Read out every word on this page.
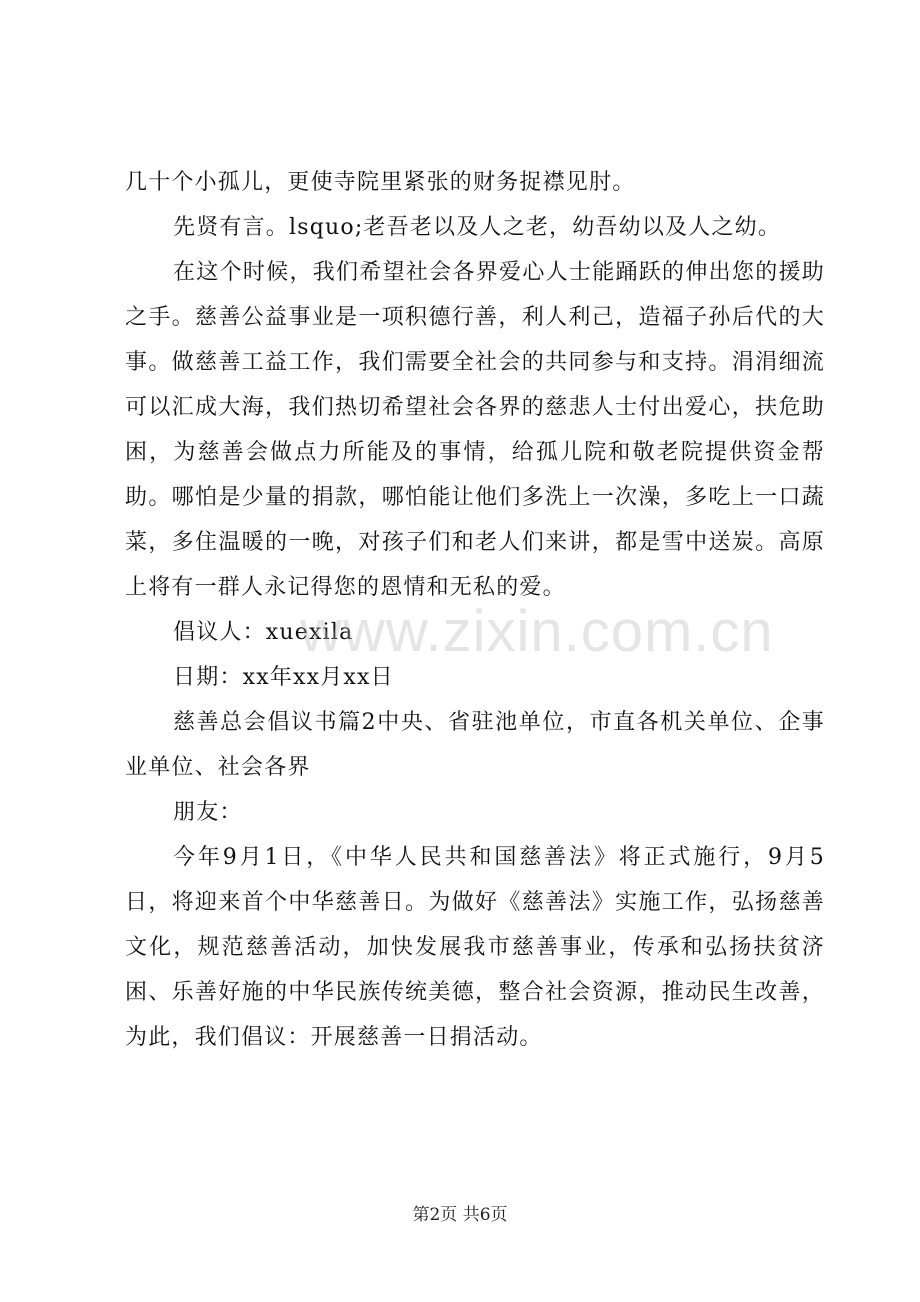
几十个小孤儿，更使寺院里紧张的财务捉襟见肘。

先贤有言。lsquo;老吾老以及人之老，幼吾幼以及人之幼。

在这个时候，我们希望社会各界爱心人士能踊跃的伸出您的援助之手。慈善公益事业是一项积德行善，利人利己，造福子孙后代的大事。做慈善工益工作，我们需要全社会的共同参与和支持。涓涓细流可以汇成大海，我们热切希望社会各界的慈悲人士付出爱心，扶危助困，为慈善会做点力所能及的事情，给孤儿院和敬老院提供资金帮助。哪怕是少量的捐款，哪怕能让他们多洗上一次澡，多吃上一口蔬菜，多住温暖的一晚，对孩子们和老人们来讲，都是雪中送炭。高原上将有一群人永记得您的恩情和无私的爱。

倡议人：xuexila

日期：xx年xx月xx日

慈善总会倡议书篇2中央、省驻池单位，市直各机关单位、企事业单位、社会各界

朋友：

今年9月1日，《中华人民共和国慈善法》将正式施行，9月5日，将迎来首个中华慈善日。为做好《慈善法》实施工作，弘扬慈善文化，规范慈善活动，加快发展我市慈善事业，传承和弘扬扶贫济困、乐善好施的中华民族传统美德，整合社会资源，推动民生改善，为此，我们倡议：开展慈善一日捐活动。

www.zixin.com.cn
第2页 共6页
